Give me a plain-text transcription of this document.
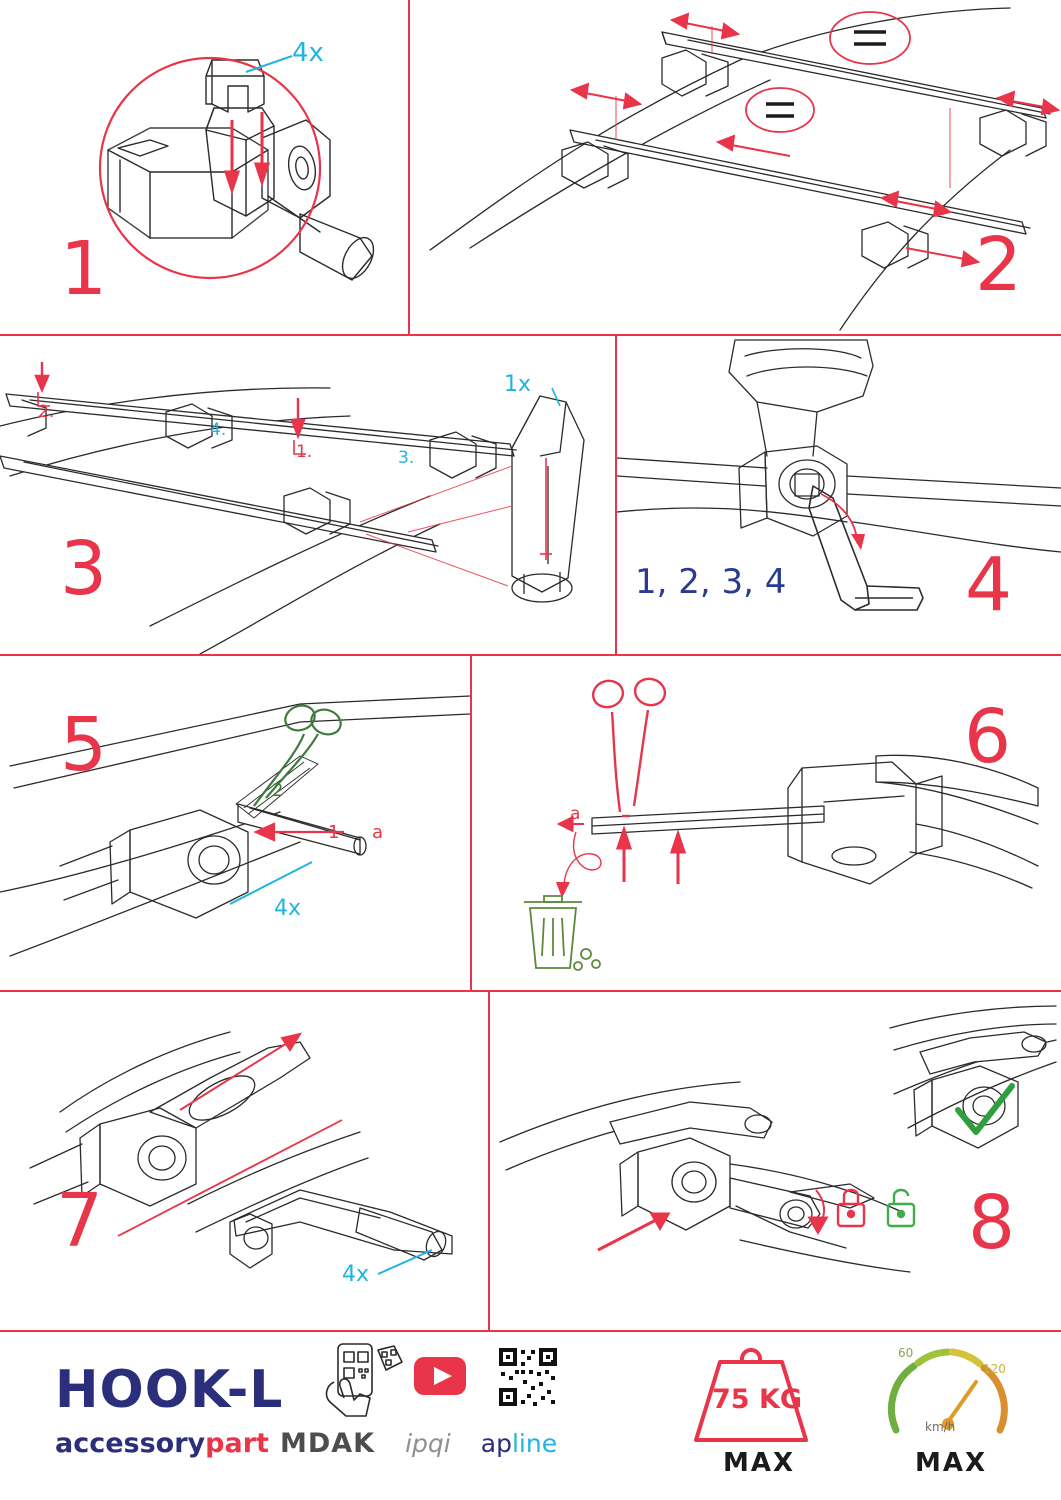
4x
1	2
2.
1.	3.
4.
1x
3	1, 2, 3, 4 4
2
1 a
4x
5
a
6
4x
7	8
HOOK-L
accessorypart MDAK ipqi apline
75 KG
MAX
60
120
km/h
MAX
